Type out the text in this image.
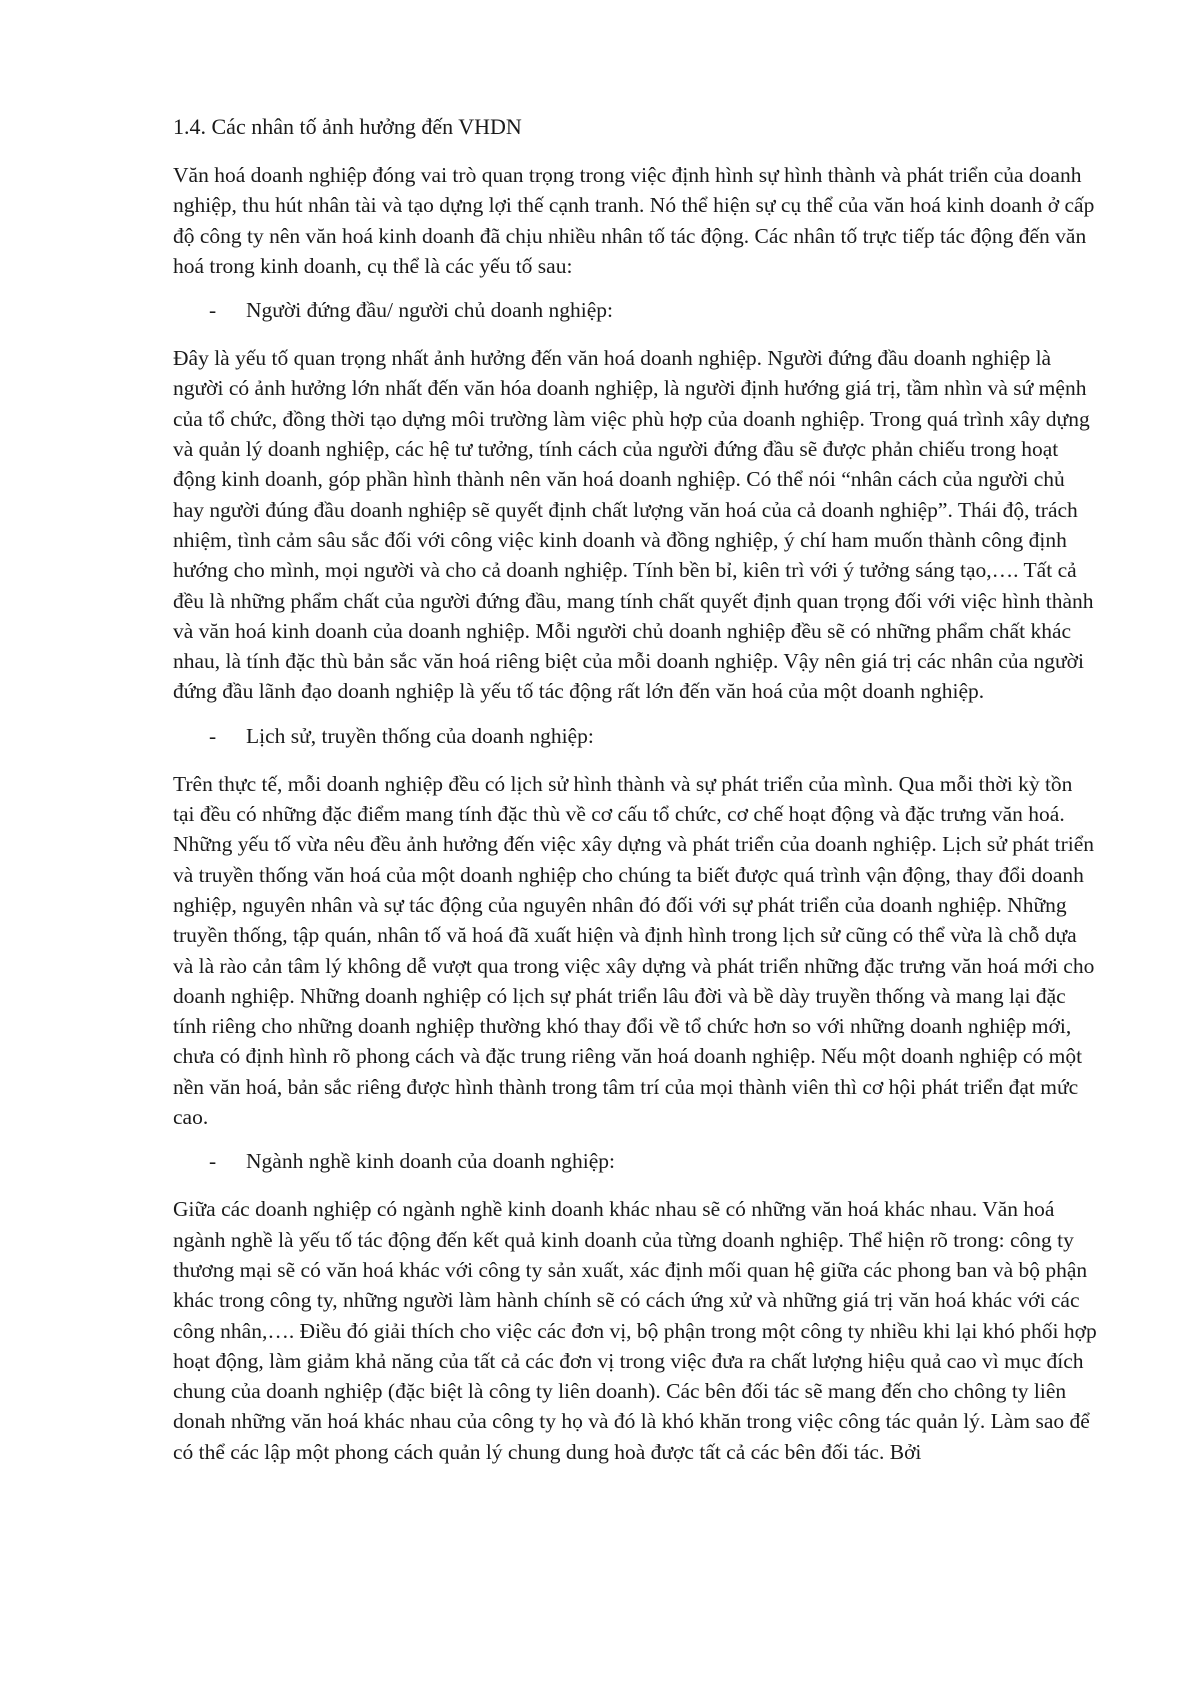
1.4. Các nhân tố ảnh hưởng đến VHDN

Văn hoá doanh nghiệp đóng vai trò quan trọng trong việc định hình sự hình thành và phát triển của doanh nghiệp, thu hút nhân tài và tạo dựng lợi thế cạnh tranh. Nó thể hiện sự cụ thể của văn hoá kinh doanh ở cấp độ công ty nên văn hoá kinh doanh đã chịu nhiều nhân tố tác động. Các nhân tố trực tiếp tác động đến văn hoá trong kinh doanh, cụ thể là các yếu tố sau:

-	Người đứng đầu/ người chủ doanh nghiệp:

Đây là yếu tố quan trọng nhất ảnh hưởng đến văn hoá doanh nghiệp. Người đứng đầu doanh nghiệp là người có ảnh hưởng lớn nhất đến văn hóa doanh nghiệp, là người định hướng giá trị, tầm nhìn và sứ mệnh của tổ chức, đồng thời tạo dựng môi trường làm việc phù hợp của doanh nghiệp. Trong quá trình xây dựng và quản lý doanh nghiệp, các hệ tư tưởng, tính cách của người đứng đầu sẽ được phản chiếu trong hoạt động kinh doanh, góp phần hình thành nên văn hoá doanh nghiệp. Có thể nói “nhân cách của người chủ hay người đúng đầu doanh nghiệp sẽ quyết định chất lượng văn hoá của cả doanh nghiệp”. Thái độ, trách nhiệm, tình cảm sâu sắc đối với công việc kinh doanh và đồng nghiệp, ý chí ham muốn thành công định hướng cho mình, mọi người và cho cả doanh nghiệp. Tính bền bỉ, kiên trì với ý tưởng sáng tạo,…. Tất cả đều là những phẩm chất của người đứng đầu, mang tính chất quyết định quan trọng đối với việc hình thành và văn hoá kinh doanh của doanh nghiệp. Mỗi người chủ doanh nghiệp đều sẽ có những phẩm chất khác nhau, là tính đặc thù bản sắc văn hoá riêng biệt của mỗi doanh nghiệp. Vậy nên giá trị các nhân của người đứng đầu lãnh đạo doanh nghiệp là yếu tố tác động rất lớn đến văn hoá của một doanh nghiệp.

-	Lịch sử, truyền thống của doanh nghiệp:

Trên thực tế, mỗi doanh nghiệp đều có lịch sử hình thành và sự phát triển của mình. Qua mỗi thời kỳ tồn tại đều có những đặc điểm mang tính đặc thù về cơ cấu tổ chức, cơ chế hoạt động và đặc trưng văn hoá. Những yếu tố vừa nêu đều ảnh hưởng đến việc xây dựng và phát triển của doanh nghiệp. Lịch sử phát triển và truyền thống văn hoá của một doanh nghiệp cho chúng ta biết được quá trình vận động, thay đổi doanh nghiệp, nguyên nhân và sự tác động của nguyên nhân đó đối với sự phát triển của doanh nghiệp. Những truyền thống, tập quán, nhân tố vă hoá đã xuất hiện và định hình trong lịch sử cũng có thể vừa là chỗ dựa và là rào cản tâm lý không dễ vượt qua trong việc xây dựng và phát triển những đặc trưng văn hoá mới cho doanh nghiệp. Những doanh nghiệp có lịch sự phát triển lâu đời và bề dày truyền thống và mang lại đặc tính riêng cho những doanh nghiệp thường khó thay đổi về tổ chức hơn so với những doanh nghiệp mới, chưa có định hình rõ phong cách và đặc trung riêng văn hoá doanh nghiệp. Nếu một doanh nghiệp có một nền văn hoá, bản sắc riêng được hình thành trong tâm trí của mọi thành viên thì cơ hội phát triển đạt mức cao.

-	Ngành nghề kinh doanh của doanh nghiệp:

Giữa các doanh nghiệp có ngành nghề kinh doanh khác nhau sẽ có những văn hoá khác nhau. Văn hoá ngành nghề là yếu tố tác động đến kết quả kinh doanh của từng doanh nghiệp. Thể hiện rõ trong: công ty thương mại sẽ có văn hoá khác với công ty sản xuất, xác định mối quan hệ giữa các phong ban và bộ phận khác trong công ty, những người làm hành chính sẽ có cách ứng xử và những giá trị văn hoá khác với các công nhân,…. Điều đó giải thích cho việc các đơn vị, bộ phận trong một công ty nhiều khi lại khó phối hợp hoạt động, làm giảm khả năng của tất cả các đơn vị trong việc đưa ra chất lượng hiệu quả cao vì mục đích chung của doanh nghiệp (đặc biệt là công ty liên doanh). Các bên đối tác sẽ mang đến cho chông ty liên donah những văn hoá khác nhau của công ty họ và đó là khó khăn trong việc công tác quản lý. Làm sao để có thể các lập một phong cách quản lý chung dung hoà được tất cả các bên đối tác. Bởi
